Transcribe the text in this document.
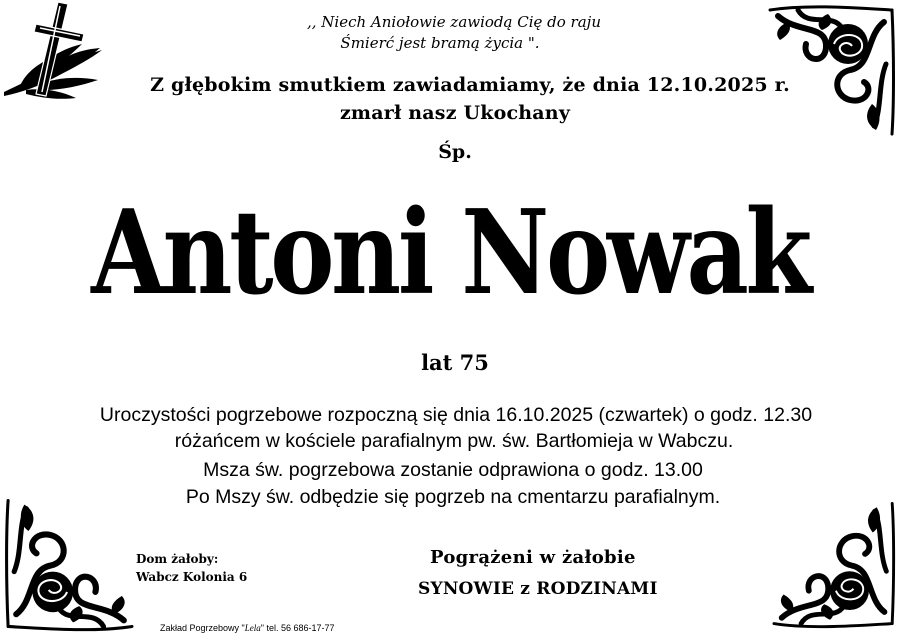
,, Niech Aniołowie zawiodą Cię do raju
Śmierć jest bramą życia ".
Z głębokim smutkiem zawiadamiamy, że dnia 12.10.2025 r.
zmarł nasz Ukochany
Śp.
Antoni Nowak
lat 75
Uroczystości pogrzebowe rozpoczną się dnia 16.10.2025 (czwartek) o godz. 12.30
różańcem w kościele parafialnym pw. św. Bartłomieja w Wabczu.
Msza św. pogrzebowa zostanie odprawiona o godz. 13.00
Po Mszy św. odbędzie się pogrzeb na cmentarzu parafialnym.
Dom żałoby:
Wabcz Kolonia 6
Pogrążeni w żałobie
SYNOWIE z RODZINAMI
Zakład Pogrzebowy "Lela" tel. 56 686-17-77
